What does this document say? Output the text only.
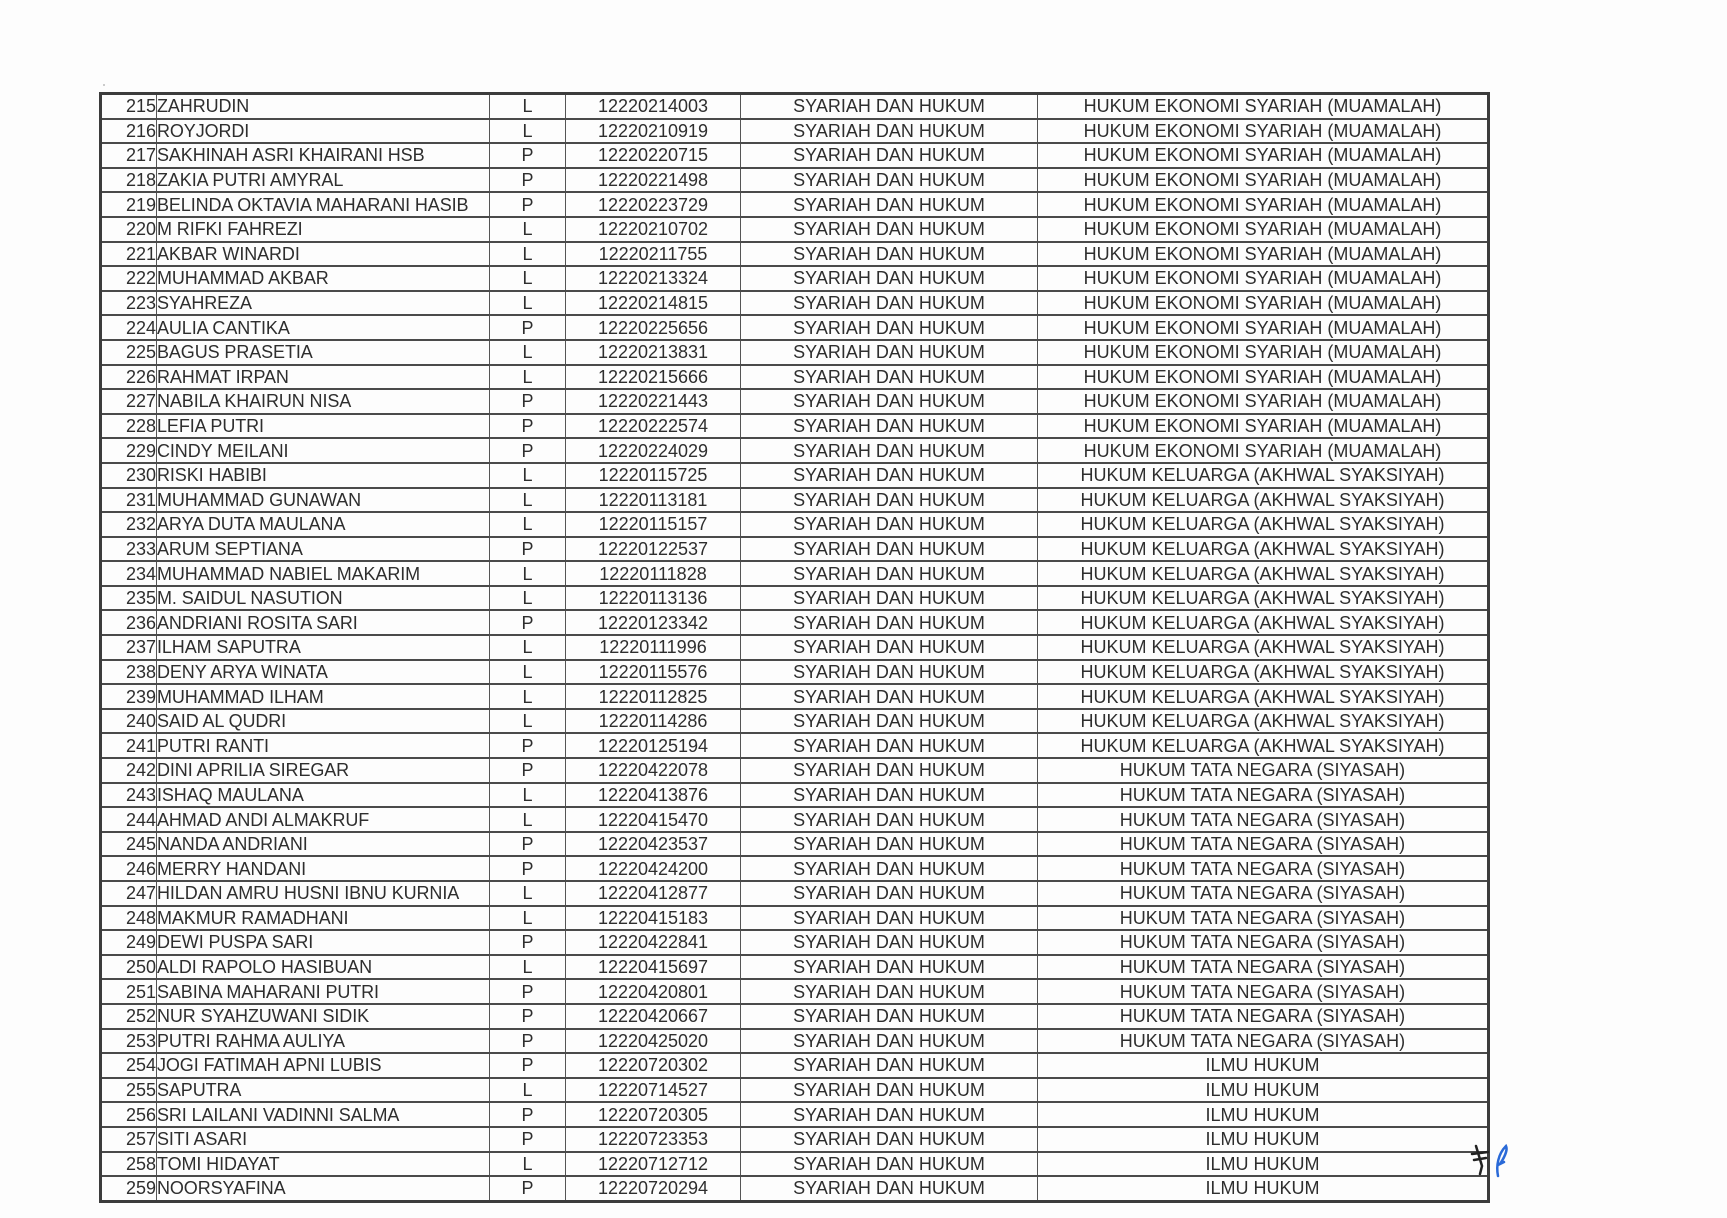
215	ZAHRUDIN	L	12220214003	SYARIAH DAN HUKUM	HUKUM EKONOMI SYARIAH (MUAMALAH)
216	ROYJORDI	L	12220210919	SYARIAH DAN HUKUM	HUKUM EKONOMI SYARIAH (MUAMALAH)
217	SAKHINAH ASRI KHAIRANI HSB	P	12220220715	SYARIAH DAN HUKUM	HUKUM EKONOMI SYARIAH (MUAMALAH)
218	ZAKIA PUTRI AMYRAL	P	12220221498	SYARIAH DAN HUKUM	HUKUM EKONOMI SYARIAH (MUAMALAH)
219	BELINDA OKTAVIA MAHARANI HASIB	P	12220223729	SYARIAH DAN HUKUM	HUKUM EKONOMI SYARIAH (MUAMALAH)
220	M RIFKI FAHREZI	L	12220210702	SYARIAH DAN HUKUM	HUKUM EKONOMI SYARIAH (MUAMALAH)
221	AKBAR WINARDI	L	12220211755	SYARIAH DAN HUKUM	HUKUM EKONOMI SYARIAH (MUAMALAH)
222	MUHAMMAD AKBAR	L	12220213324	SYARIAH DAN HUKUM	HUKUM EKONOMI SYARIAH (MUAMALAH)
223	SYAHREZA	L	12220214815	SYARIAH DAN HUKUM	HUKUM EKONOMI SYARIAH (MUAMALAH)
224	AULIA CANTIKA	P	12220225656	SYARIAH DAN HUKUM	HUKUM EKONOMI SYARIAH (MUAMALAH)
225	BAGUS PRASETIA	L	12220213831	SYARIAH DAN HUKUM	HUKUM EKONOMI SYARIAH (MUAMALAH)
226	RAHMAT IRPAN	L	12220215666	SYARIAH DAN HUKUM	HUKUM EKONOMI SYARIAH (MUAMALAH)
227	NABILA KHAIRUN NISA	P	12220221443	SYARIAH DAN HUKUM	HUKUM EKONOMI SYARIAH (MUAMALAH)
228	LEFIA PUTRI	P	12220222574	SYARIAH DAN HUKUM	HUKUM EKONOMI SYARIAH (MUAMALAH)
229	CINDY MEILANI	P	12220224029	SYARIAH DAN HUKUM	HUKUM EKONOMI SYARIAH (MUAMALAH)
230	RISKI HABIBI	L	12220115725	SYARIAH DAN HUKUM	HUKUM KELUARGA (AKHWAL SYAKSIYAH)
231	MUHAMMAD GUNAWAN	L	12220113181	SYARIAH DAN HUKUM	HUKUM KELUARGA (AKHWAL SYAKSIYAH)
232	ARYA DUTA MAULANA	L	12220115157	SYARIAH DAN HUKUM	HUKUM KELUARGA (AKHWAL SYAKSIYAH)
233	ARUM SEPTIANA	P	12220122537	SYARIAH DAN HUKUM	HUKUM KELUARGA (AKHWAL SYAKSIYAH)
234	MUHAMMAD NABIEL MAKARIM	L	12220111828	SYARIAH DAN HUKUM	HUKUM KELUARGA (AKHWAL SYAKSIYAH)
235	M. SAIDUL NASUTION	L	12220113136	SYARIAH DAN HUKUM	HUKUM KELUARGA (AKHWAL SYAKSIYAH)
236	ANDRIANI ROSITA SARI	P	12220123342	SYARIAH DAN HUKUM	HUKUM KELUARGA (AKHWAL SYAKSIYAH)
237	ILHAM SAPUTRA	L	12220111996	SYARIAH DAN HUKUM	HUKUM KELUARGA (AKHWAL SYAKSIYAH)
238	DENY ARYA WINATA	L	12220115576	SYARIAH DAN HUKUM	HUKUM KELUARGA (AKHWAL SYAKSIYAH)
239	MUHAMMAD ILHAM	L	12220112825	SYARIAH DAN HUKUM	HUKUM KELUARGA (AKHWAL SYAKSIYAH)
240	SAID AL QUDRI	L	12220114286	SYARIAH DAN HUKUM	HUKUM KELUARGA (AKHWAL SYAKSIYAH)
241	PUTRI RANTI	P	12220125194	SYARIAH DAN HUKUM	HUKUM KELUARGA (AKHWAL SYAKSIYAH)
242	DINI APRILIA SIREGAR	P	12220422078	SYARIAH DAN HUKUM	HUKUM TATA NEGARA (SIYASAH)
243	ISHAQ MAULANA	L	12220413876	SYARIAH DAN HUKUM	HUKUM TATA NEGARA (SIYASAH)
244	AHMAD ANDI ALMAKRUF	L	12220415470	SYARIAH DAN HUKUM	HUKUM TATA NEGARA (SIYASAH)
245	NANDA ANDRIANI	P	12220423537	SYARIAH DAN HUKUM	HUKUM TATA NEGARA (SIYASAH)
246	MERRY HANDANI	P	12220424200	SYARIAH DAN HUKUM	HUKUM TATA NEGARA (SIYASAH)
247	HILDAN AMRU HUSNI IBNU KURNIA	L	12220412877	SYARIAH DAN HUKUM	HUKUM TATA NEGARA (SIYASAH)
248	MAKMUR RAMADHANI	L	12220415183	SYARIAH DAN HUKUM	HUKUM TATA NEGARA (SIYASAH)
249	DEWI PUSPA SARI	P	12220422841	SYARIAH DAN HUKUM	HUKUM TATA NEGARA (SIYASAH)
250	ALDI RAPOLO HASIBUAN	L	12220415697	SYARIAH DAN HUKUM	HUKUM TATA NEGARA (SIYASAH)
251	SABINA MAHARANI PUTRI	P	12220420801	SYARIAH DAN HUKUM	HUKUM TATA NEGARA (SIYASAH)
252	NUR SYAHZUWANI SIDIK	P	12220420667	SYARIAH DAN HUKUM	HUKUM TATA NEGARA (SIYASAH)
253	PUTRI RAHMA AULIYA	P	12220425020	SYARIAH DAN HUKUM	HUKUM TATA NEGARA (SIYASAH)
254	JOGI FATIMAH APNI LUBIS	P	12220720302	SYARIAH DAN HUKUM	ILMU HUKUM
255	SAPUTRA	L	12220714527	SYARIAH DAN HUKUM	ILMU HUKUM
256	SRI LAILANI VADINNI SALMA	P	12220720305	SYARIAH DAN HUKUM	ILMU HUKUM
257	SITI ASARI	P	12220723353	SYARIAH DAN HUKUM	ILMU HUKUM
258	TOMI HIDAYAT	L	12220712712	SYARIAH DAN HUKUM	ILMU HUKUM
259	NOORSYAFINA	P	12220720294	SYARIAH DAN HUKUM	ILMU HUKUM
